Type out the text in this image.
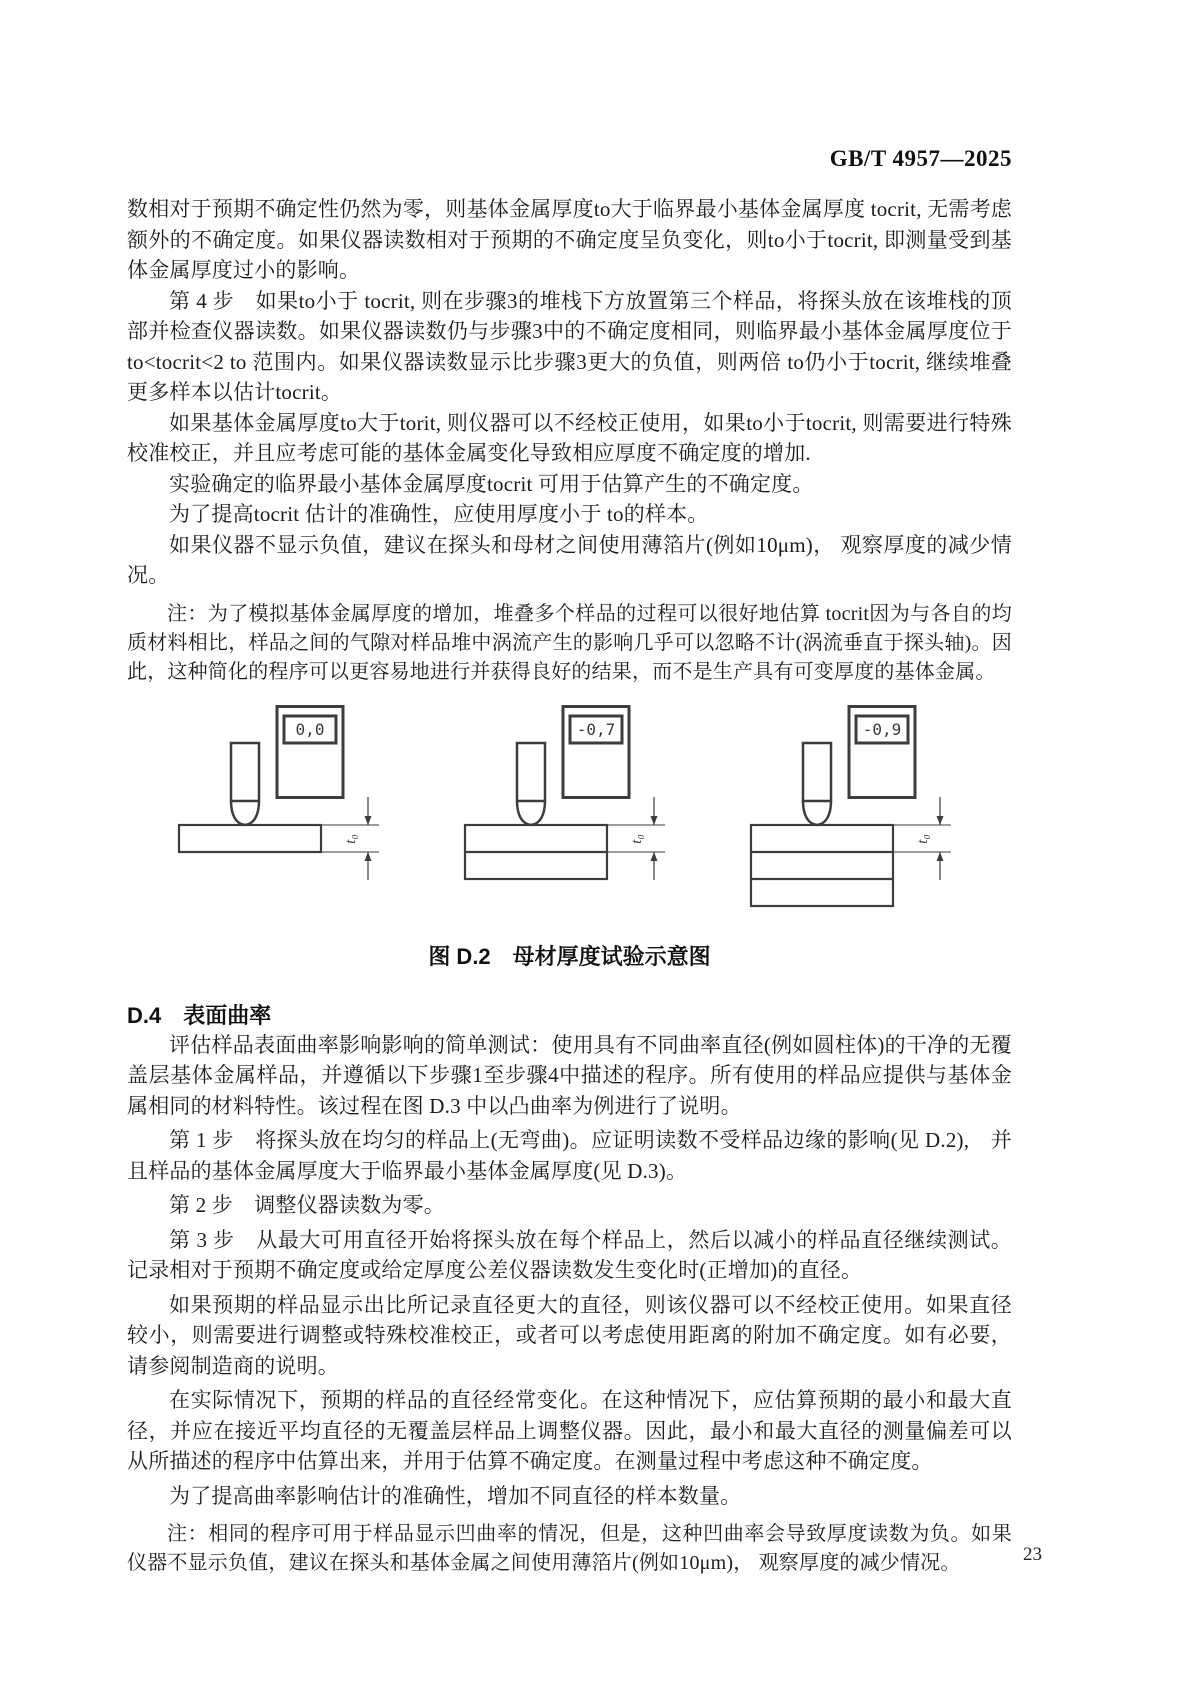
GB/T 4957—2025

数相对于预期不确定性仍然为零，则基体金属厚度to大于临界最小基体金属厚度 tocrit, 无需考虑额外的不确定度。如果仪器读数相对于预期的不确定度呈负变化，则to小于tocrit, 即测量受到基体金属厚度过小的影响。

第 4 步　如果to小于 tocrit, 则在步骤3的堆栈下方放置第三个样品，将探头放在该堆栈的顶部并检查仪器读数。如果仪器读数仍与步骤3中的不确定度相同，则临界最小基体金属厚度位于 to<tocrit<2 to 范围内。如果仪器读数显示比步骤3更大的负值，则两倍 to仍小于tocrit, 继续堆叠更多样本以估计tocrit。

如果基体金属厚度to大于torit, 则仪器可以不经校正使用，如果to小于tocrit, 则需要进行特殊校准校正，并且应考虑可能的基体金属变化导致相应厚度不确定度的增加.

实验确定的临界最小基体金属厚度tocrit 可用于估算产生的不确定度。

为了提高tocrit 估计的准确性，应使用厚度小于 to的样本。

如果仪器不显示负值，建议在探头和母材之间使用薄箔片(例如10μm)， 观察厚度的减少情况。

注：为了模拟基体金属厚度的增加，堆叠多个样品的过程可以很好地估算 tocrit因为与各自的均质材料相比，样品之间的气隙对样品堆中涡流产生的影响几乎可以忽略不计(涡流垂直于探头轴)。因此，这种简化的程序可以更容易地进行并获得良好的结果，而不是生产具有可变厚度的基体金属。

0,0
t₀
-0,7
t₀
-0,9
t₀
图 D.2　母材厚度试验示意图
D.4　表面曲率

评估样品表面曲率影响影响的简单测试：使用具有不同曲率直径(例如圆柱体)的干净的无覆盖层基体金属样品，并遵循以下步骤1至步骤4中描述的程序。所有使用的样品应提供与基体金属相同的材料特性。该过程在图 D.3 中以凸曲率为例进行了说明。

第 1 步　将探头放在均匀的样品上(无弯曲)。应证明读数不受样品边缘的影响(见 D.2),　并且样品的基体金属厚度大于临界最小基体金属厚度(见 D.3)。

第 2 步　调整仪器读数为零。

第 3 步　从最大可用直径开始将探头放在每个样品上，然后以减小的样品直径继续测试。记录相对于预期不确定度或给定厚度公差仪器读数发生变化时(正增加)的直径。

如果预期的样品显示出比所记录直径更大的直径，则该仪器可以不经校正使用。如果直径较小，则需要进行调整或特殊校准校正，或者可以考虑使用距离的附加不确定度。如有必要，请参阅制造商的说明。

在实际情况下，预期的样品的直径经常变化。在这种情况下，应估算预期的最小和最大直径，并应在接近平均直径的无覆盖层样品上调整仪器。因此，最小和最大直径的测量偏差可以从所描述的程序中估算出来，并用于估算不确定度。在测量过程中考虑这种不确定度。

为了提高曲率影响估计的准确性，增加不同直径的样本数量。

注：相同的程序可用于样品显示凹曲率的情况，但是，这种凹曲率会导致厚度读数为负。如果仪器不显示负值，建议在探头和基体金属之间使用薄箔片(例如10μm)， 观察厚度的减少情况。	23
